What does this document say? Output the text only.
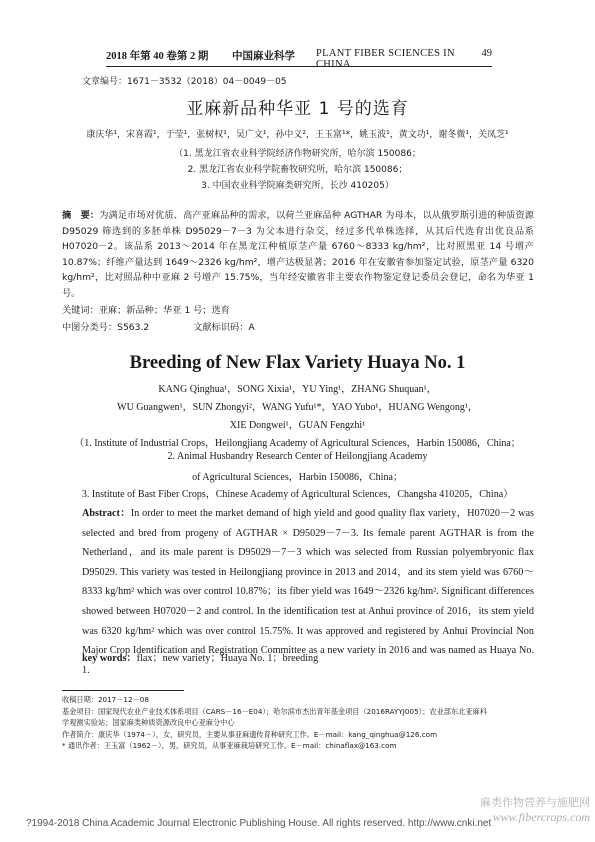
2018 年第 40 卷第 2 期 中国麻业科学 PLANT FIBER SCIENCES IN CHINA
49
文章编号：1671－3532（2018）04－0049－05
亚麻新品种华亚 1 号的选育
康庆华¹，宋喜霞¹，于莹¹，张树权¹，吴广文¹，孙中义²，王玉富¹*，姚玉波¹，黄文功¹，谢冬微¹，关凤芝¹
（1. 黑龙江省农业科学院经济作物研究所，哈尔滨 150086；
2. 黑龙江省农业科学院畜牧研究所，哈尔滨 150086；
3. 中国农业科学院麻类研究所，长沙 410205）
摘　要：为满足市场对优质、高产亚麻品种的需求，以荷兰亚麻品种 AGTHAR 为母本，以从俄罗斯引进的种质资源 D95029 筛选到的多胚单株 D95029－7－3 为父本进行杂交，经过多代单株选择，从其后代选育出优良品系 H07020－2。该品系 2013～2014 年在黑龙江种植原茎产量 6760～8333 kg/hm²，比对照黑亚 14 号增产 10.87%；纤维产量达到 1649～2326 kg/hm²，增产达极显著；2016 年在安徽省参加鉴定试验，原茎产量 6320 kg/hm²，比对照品种中亚麻 2 号增产 15.75%，当年经安徽省非主要农作物鉴定登记委员会登记，命名为华亚 1 号。
关键词：亚麻；新品种；华亚 1 号；选育
中图分类号：S563.2	文献标识码：A
Breeding of New Flax Variety Huaya No. 1
KANG Qinghua¹，SONG Xixia¹，YU Ying¹，ZHANG Shuquan¹，
WU Guangwen¹，SUN Zhongyi²，WANG Yufu¹*，YAO Yubo¹，HUANG Wengong¹，
XIE Dongwei¹，GUAN Fengzhi¹
（1. Institute of Industrial Crops，Heilongjiang Academy of Agricultural Sciences，Harbin 150086，China；
2. Animal Husbandry Research Center of Heilongjiang Academy
of Agricultural Sciences，Harbin 150086，China；
3. Institute of Bast Fiber Crops，Chinese Academy of Agricultural Sciences，Changsha 410205，China）
Abstract：In order to meet the market demand of high yield and good quality flax variety，H07020－2 was selected and bred from progeny of AGTHAR × D95029－7－3. Its female parent AGTHAR is from the Netherland，and its male parent is D95029－7－3 which was selected from Russian polyembryonic flax D95029. This variety was tested in Heilongjiang province in 2013 and 2014，and its stem yield was 6760～8333 kg/hm² which was over control 10.87%；its fiber yield was 1649～2326 kg/hm². Significant differences showed between H07020－2 and control. In the identification test at Anhui province of 2016，its stem yield was 6320 kg/hm² which was over control 15.75%. It was approved and registered by Anhui Provincial Non Major Crop Identification and Registration Committee as a new variety in 2016 and was named as Huaya No. 1.
key words：flax；new variety；Huaya No. 1；breeding
收稿日期：2017－12－08
基金项目：国家现代农业产业技术体系项目（CARS－16－E04）；哈尔滨市杰出青年基金项目（2016RAYYJ005）；农业部东北亚麻科
学观测实验站；国家麻类种质资源改良中心亚麻分中心
作者简介：康庆华（1974－），女，研究员，主要从事亚麻遗传育种研究工作。E－mail：kang_qinghua@126.com
* 通讯作者：王玉富（1962－），男，研究员，从事亚麻栽培研究工作。E－mail：chinaflax@163.com
麻类作物营养与施肥网
www.fibercrops.com
?1994-2018 China Academic Journal Electronic Publishing House. All rights reserved. http://www.cnki.net
